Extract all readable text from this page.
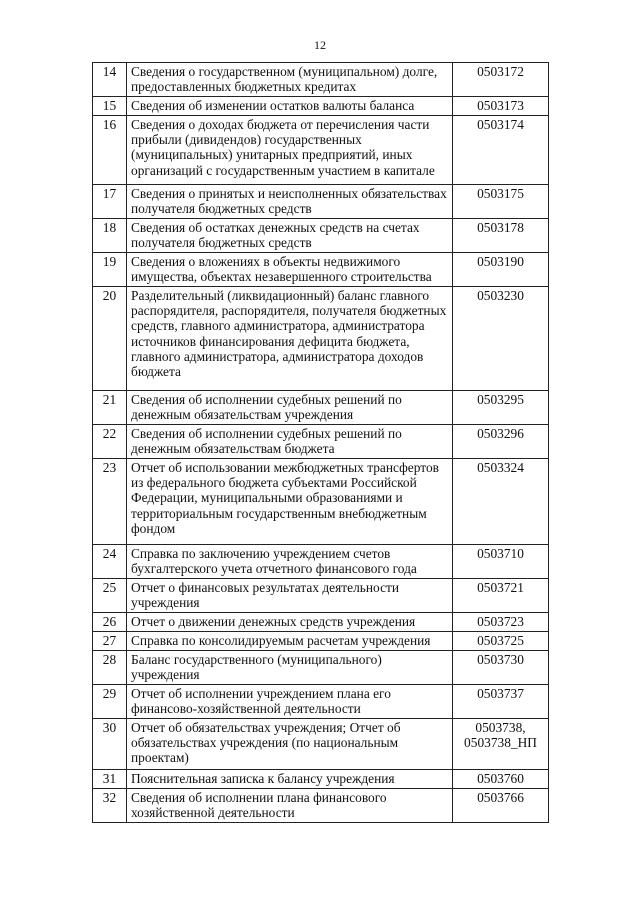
12
14	Сведения о государственном (муниципальном) долге, предоставленных бюджетных кредитах	0503172
15	Сведения об изменении остатков валюты баланса	0503173
16	Сведения о доходах бюджета от перечисления части прибыли (дивидендов) государственных (муниципальных) унитарных предприятий, иных организаций с государственным участием в капитале	0503174
17	Сведения о принятых и неисполненных обязательствах получателя бюджетных средств	0503175
18	Сведения об остатках денежных средств на счетах получателя бюджетных средств	0503178
19	Сведения о вложениях в объекты недвижимого имущества, объектах незавершенного строительства	0503190
20	Разделительный (ликвидационный) баланс главного распорядителя, распорядителя, получателя бюджетных средств, главного администратора, администратора источников финансирования дефицита бюджета, главного администратора, администратора доходов бюджета	0503230
21	Сведения об исполнении судебных решений по денежным обязательствам учреждения	0503295
22	Сведения об исполнении судебных решений по денежным обязательствам бюджета	0503296
23	Отчет об использовании межбюджетных трансфертов из федерального бюджета субъектами Российской Федерации, муниципальными образованиями и территориальным государственным внебюджетным фондом	0503324
24	Справка по заключению учреждением счетов бухгалтерского учета отчетного финансового года	0503710
25	Отчет о финансовых результатах деятельности учреждения	0503721
26	Отчет о движении денежных средств учреждения	0503723
27	Справка по консолидируемым расчетам учреждения	0503725
28	Баланс государственного (муниципального) учреждения	0503730
29	Отчет об исполнении учреждением плана его финансово-хозяйственной деятельности	0503737
30	Отчет об обязательствах учреждения; Отчет об обязательствах учреждения (по национальным проектам)	0503738, 0503738_НП
31	Пояснительная записка к балансу учреждения	0503760
32	Сведения об исполнении плана финансового хозяйственной деятельности	0503766
